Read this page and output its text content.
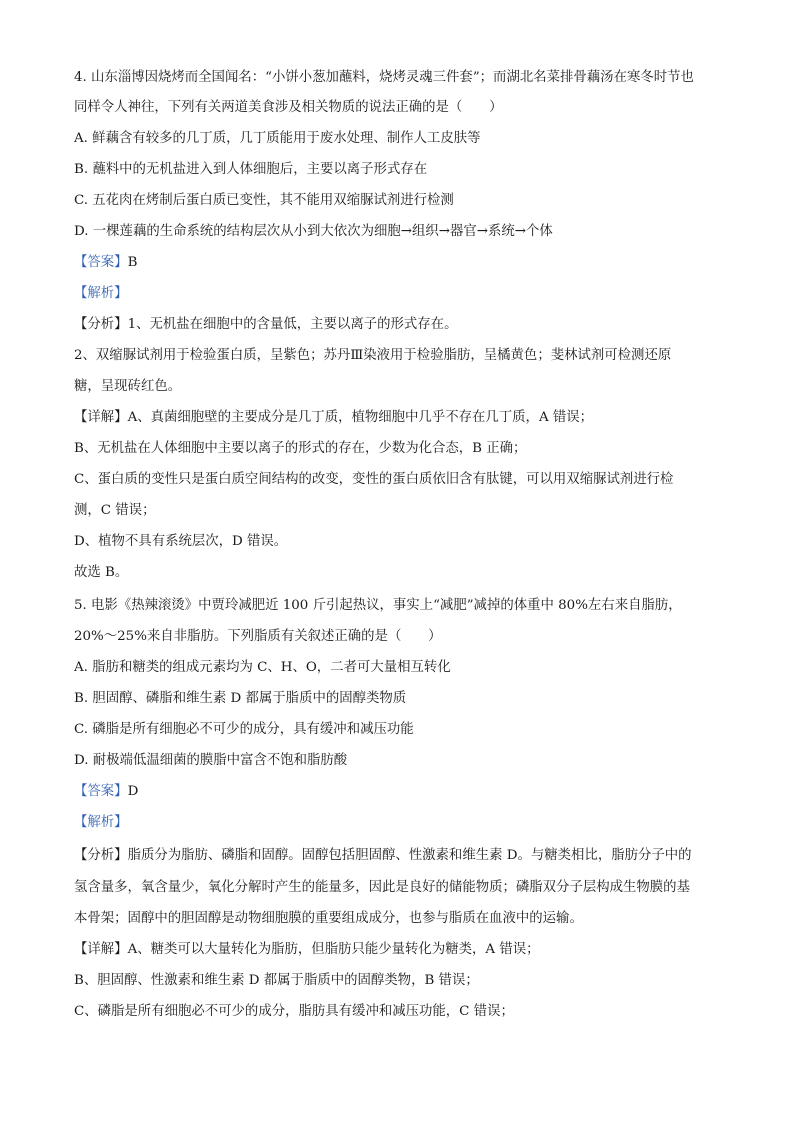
4. 山东淄博因烧烤而全国闻名：“小饼小葱加蘸料，烧烤灵魂三件套”；而湖北名菜排骨藕汤在寒冬时节也
同样令人神往，下列有关两道美食涉及相关物质的说法正确的是（　　）
A. 鲜藕含有较多的几丁质，几丁质能用于废水处理、制作人工皮肤等
B. 蘸料中的无机盐进入到人体细胞后，主要以离子形式存在
C. 五花肉在烤制后蛋白质已变性，其不能用双缩脲试剂进行检测
D. 一棵莲藕的生命系统的结构层次从小到大依次为细胞→组织→器官→系统→个体
【答案】B
【解析】
【分析】1、无机盐在细胞中的含量低，主要以离子的形式存在。
2、双缩脲试剂用于检验蛋白质，呈紫色；苏丹Ⅲ染液用于检验脂肪，呈橘黄色；斐林试剂可检测还原
糖，呈现砖红色。
【详解】A、真菌细胞壁的主要成分是几丁质，植物细胞中几乎不存在几丁质，A 错误；
B、无机盐在人体细胞中主要以离子的形式的存在，少数为化合态，B 正确；
C、蛋白质的变性只是蛋白质空间结构的改变，变性的蛋白质依旧含有肽键，可以用双缩脲试剂进行检
测，C 错误；
D、植物不具有系统层次，D 错误。
故选 B。
5. 电影《热辣滚烫》中贾玲减肥近 100 斤引起热议，事实上“减肥”减掉的体重中 80%左右来自脂肪，
20%～25%来自非脂肪。下列脂质有关叙述正确的是（　　）
A. 脂肪和糖类的组成元素均为 C、H、O，二者可大量相互转化
B. 胆固醇、磷脂和维生素 D 都属于脂质中的固醇类物质
C. 磷脂是所有细胞必不可少的成分，具有缓冲和减压功能
D. 耐极端低温细菌的膜脂中富含不饱和脂肪酸
【答案】D
【解析】
【分析】脂质分为脂肪、磷脂和固醇。固醇包括胆固醇、性激素和维生素 D。与糖类相比，脂肪分子中的
氢含量多，氧含量少，氧化分解时产生的能量多，因此是良好的储能物质；磷脂双分子层构成生物膜的基
本骨架；固醇中的胆固醇是动物细胞膜的重要组成成分，也参与脂质在血液中的运输。
【详解】A、糖类可以大量转化为脂肪，但脂肪只能少量转化为糖类，A 错误；
B、胆固醇、性激素和维生素 D 都属于脂质中的固醇类物，B 错误；
C、磷脂是所有细胞必不可少的成分，脂肪具有缓冲和减压功能，C 错误；
